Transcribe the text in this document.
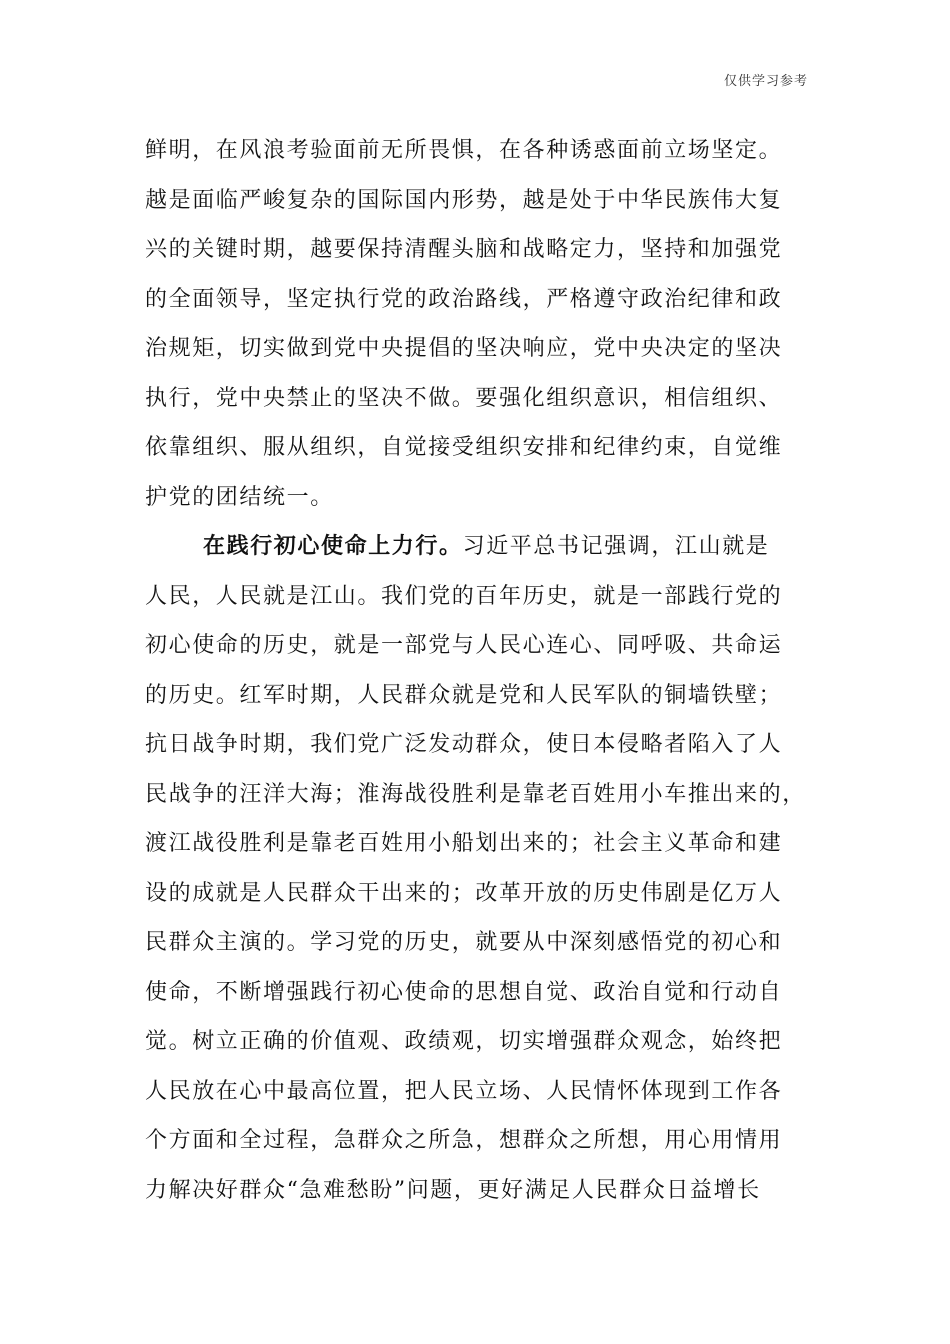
仅供学习参考
鲜明，在风浪考验面前无所畏惧，在各种诱惑面前立场坚定。
越是面临严峻复杂的国际国内形势，越是处于中华民族伟大复
兴的关键时期，越要保持清醒头脑和战略定力，坚持和加强党
的全面领导，坚定执行党的政治路线，严格遵守政治纪律和政
治规矩，切实做到党中央提倡的坚决响应，党中央决定的坚决
执行，党中央禁止的坚决不做。要强化组织意识，相信组织、
依靠组织、服从组织，自觉接受组织安排和纪律约束，自觉维
护党的团结统一。
在践行初心使命上力行。习近平总书记强调，江山就是
人民，人民就是江山。我们党的百年历史，就是一部践行党的
初心使命的历史，就是一部党与人民心连心、同呼吸、共命运
的历史。红军时期，人民群众就是党和人民军队的铜墙铁壁；
抗日战争时期，我们党广泛发动群众，使日本侵略者陷入了人
民战争的汪洋大海；淮海战役胜利是靠老百姓用小车推出来的，
渡江战役胜利是靠老百姓用小船划出来的；社会主义革命和建
设的成就是人民群众干出来的；改革开放的历史伟剧是亿万人
民群众主演的。学习党的历史，就要从中深刻感悟党的初心和
使命，不断增强践行初心使命的思想自觉、政治自觉和行动自
觉。树立正确的价值观、政绩观，切实增强群众观念，始终把
人民放在心中最高位置，把人民立场、人民情怀体现到工作各
个方面和全过程，急群众之所急，想群众之所想，用心用情用
力解决好群众“急难愁盼”问题，更好满足人民群众日益增长
